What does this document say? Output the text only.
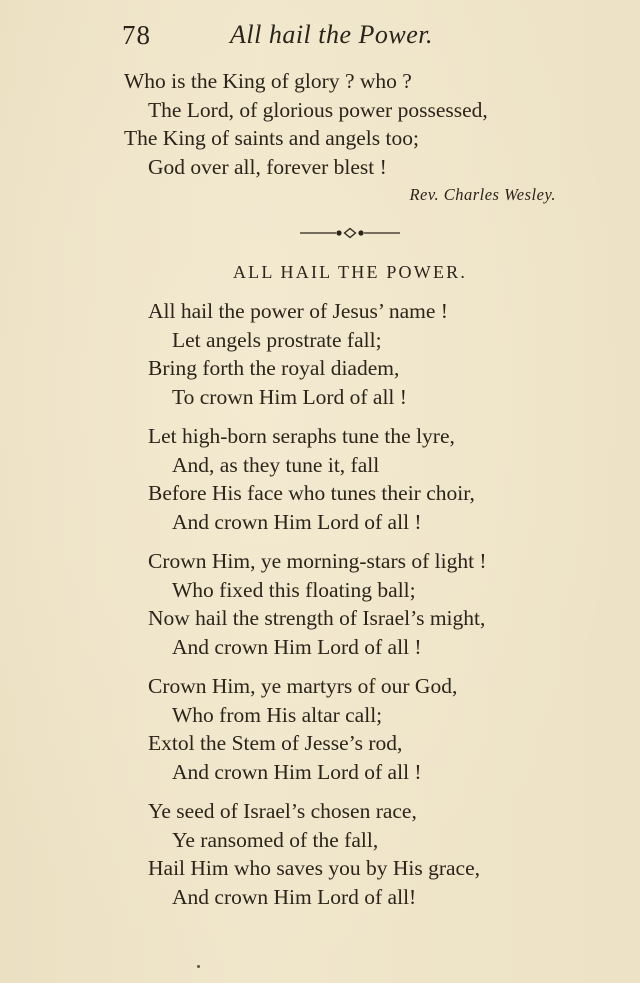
78	All hail the Power.
Who is the King of glory ? who ?
The Lord, of glorious power possessed,
The King of saints and angels too;
God over all, forever blest !
Rev. Charles Wesley.
ALL HAIL THE POWER.
All hail the power of Jesus’ name !
Let angels prostrate fall;
Bring forth the royal diadem,
To crown Him Lord of all !
Let high-born seraphs tune the lyre,
And, as they tune it, fall
Before His face who tunes their choir,
And crown Him Lord of all !
Crown Him, ye morning-stars of light !
Who fixed this floating ball;
Now hail the strength of Israel’s might,
And crown Him Lord of all !
Crown Him, ye martyrs of our God,
Who from His altar call;
Extol the Stem of Jesse’s rod,
And crown Him Lord of all !
Ye seed of Israel’s chosen race,
Ye ransomed of the fall,
Hail Him who saves you by His grace,
And crown Him Lord of all!
